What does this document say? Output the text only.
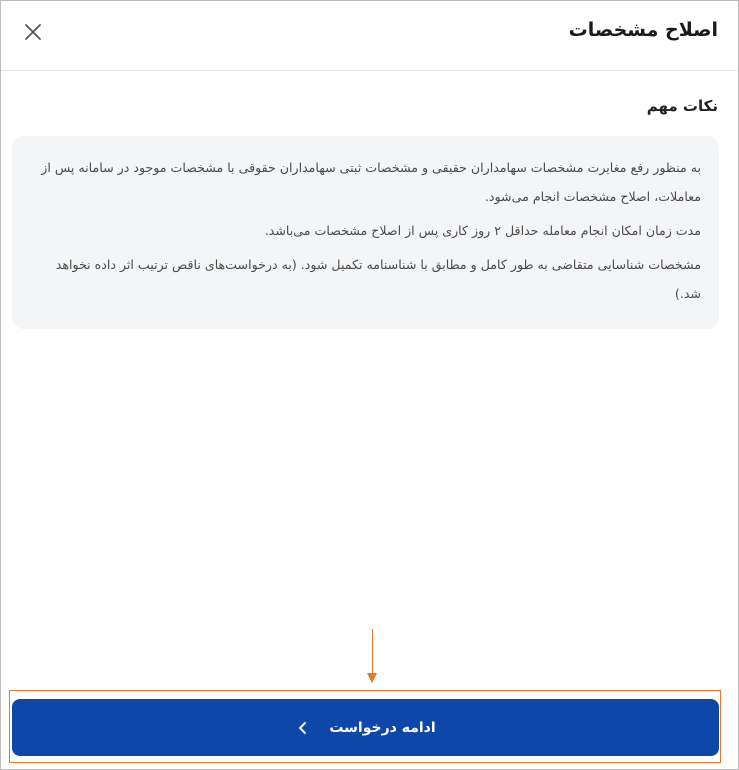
اصلاح مشخصات
نکات مهم

به منظور رفع مغایرت مشخصات سهامداران حقیقی و مشخصات ثبتی سهامداران حقوقی با مشخصات موجود در سامانه پس از معاملات، اصلاح مشخصات انجام می‌شود.

مدت زمان امکان انجام معامله حداقل ۲ روز کاری پس از اصلاح مشخصات می‌باشد.

مشخصات شناسایی متقاضی به طور کامل و مطابق با شناسنامه تکمیل شود. (به درخواست‌های ناقص ترتیب اثر داده نخواهد شد.)

ادامه درخواست
